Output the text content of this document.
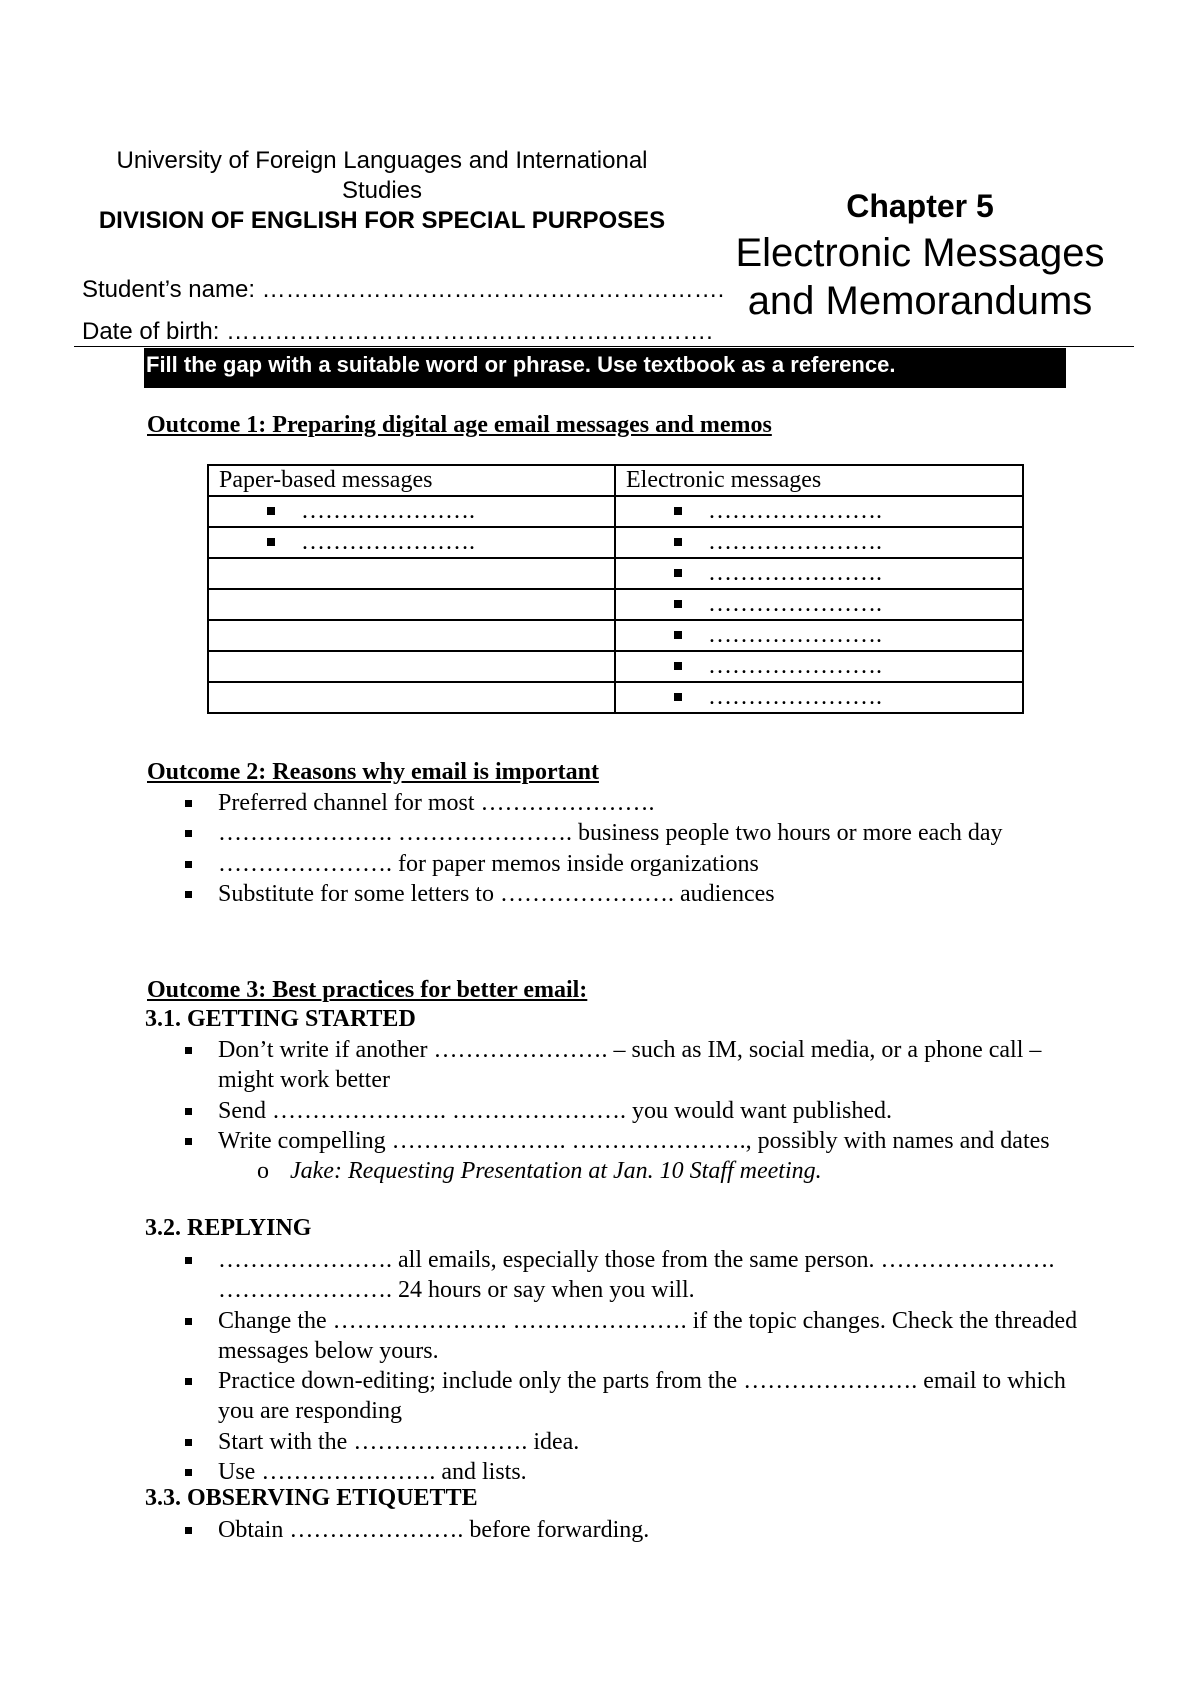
University of Foreign Languages and International Studies
DIVISION OF ENGLISH FOR SPECIAL PURPOSES
Student’s name: ………………………………………………….
Date of birth: …………………………………………………….
Chapter 5
Electronic Messages
and Memorandums
Fill the gap with a suitable word or phrase. Use textbook as a reference.
Outcome 1: Preparing digital age email messages and memos
Paper-based messages	Electronic messages
………………….	………………….
………………….	………………….
	………………….
	………………….
	………………….
	………………….
	………………….
Outcome 2: Reasons why email is important
Preferred channel for most ………………….
…………………. …………………. business people two hours or more each day
…………………. for paper memos inside organizations
Substitute for some letters to …………………. audiences
Outcome 3: Best practices for better email:
3.1. GETTING STARTED
Don’t write if another …………………. – such as IM, social media, or a phone call – might work better
Send …………………. …………………. you would want published.
Write compelling …………………. …………………., possibly with names and dates
o Jake: Requesting Presentation at Jan. 10 Staff meeting.
3.2. REPLYING
…………………. all emails, especially those from the same person. …………………. …………………. 24 hours or say when you will.
Change the …………………. …………………. if the topic changes. Check the threaded messages below yours.
Practice down-editing; include only the parts from the …………………. email to which you are responding
Start with the …………………. idea.
Use …………………. and lists.
3.3. OBSERVING ETIQUETTE
Obtain …………………. before forwarding.
